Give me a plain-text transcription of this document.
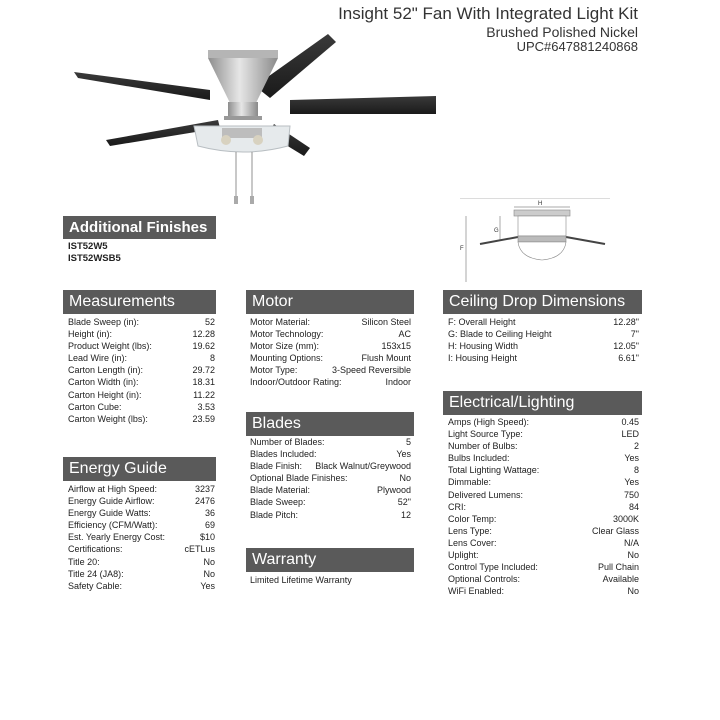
Insight 52" Fan With Integrated Light Kit
Brushed Polished Nickel
UPC#647881240868
Additional Finishes
IST52W5
IST52WSB5
H
G
F
Measurements
Blade Sweep (in):	52
Height (in):	12.28
Product Weight (lbs):	19.62
Lead Wire (in):	8
Carton Length (in):	29.72
Carton Width (in):	18.31
Carton Height (in):	11.22
Carton Cube:	3.53
Carton Weight (lbs):	23.59
Motor
Motor Material:	Silicon Steel
Motor Technology:	AC
Motor Size (mm):	153x15
Mounting Options:	Flush Mount
Motor Type:	3-Speed Reversible
Indoor/Outdoor Rating:	Indoor
Ceiling Drop Dimensions
F: Overall Height	12.28"
G: Blade to Ceiling Height	7"
H: Housing Width	12.05"
I: Housing Height	6.61"
Electrical/Lighting
Amps (High Speed):	0.45
Light Source Type:	LED
Number of Bulbs:	2
Bulbs Included:	Yes
Total Lighting Wattage:	8
Dimmable:	Yes
Delivered Lumens:	750
CRI:	84
Color Temp:	3000K
Lens Type:	Clear Glass
Lens Cover:	N/A
Uplight:	No
Control Type Included:	Pull Chain
Optional Controls:	Available
WiFi Enabled:	No
Blades
Number of Blades:	5
Blades Included:	Yes
Blade Finish: Black Walnut/Greywood
Optional Blade Finishes:	No
Blade Material:	Plywood
Blade Sweep:	52"
Blade Pitch:	12
Energy Guide
Airflow at High Speed:	3237
Energy Guide Airflow:	2476
Energy Guide Watts:	36
Efficiency (CFM/Watt):	69
Est. Yearly Energy Cost:	$10
Certifications:	cETLus
Title 20:	No
Title 24 (JA8):	No
Safety Cable:	Yes
Warranty
Limited Lifetime Warranty
